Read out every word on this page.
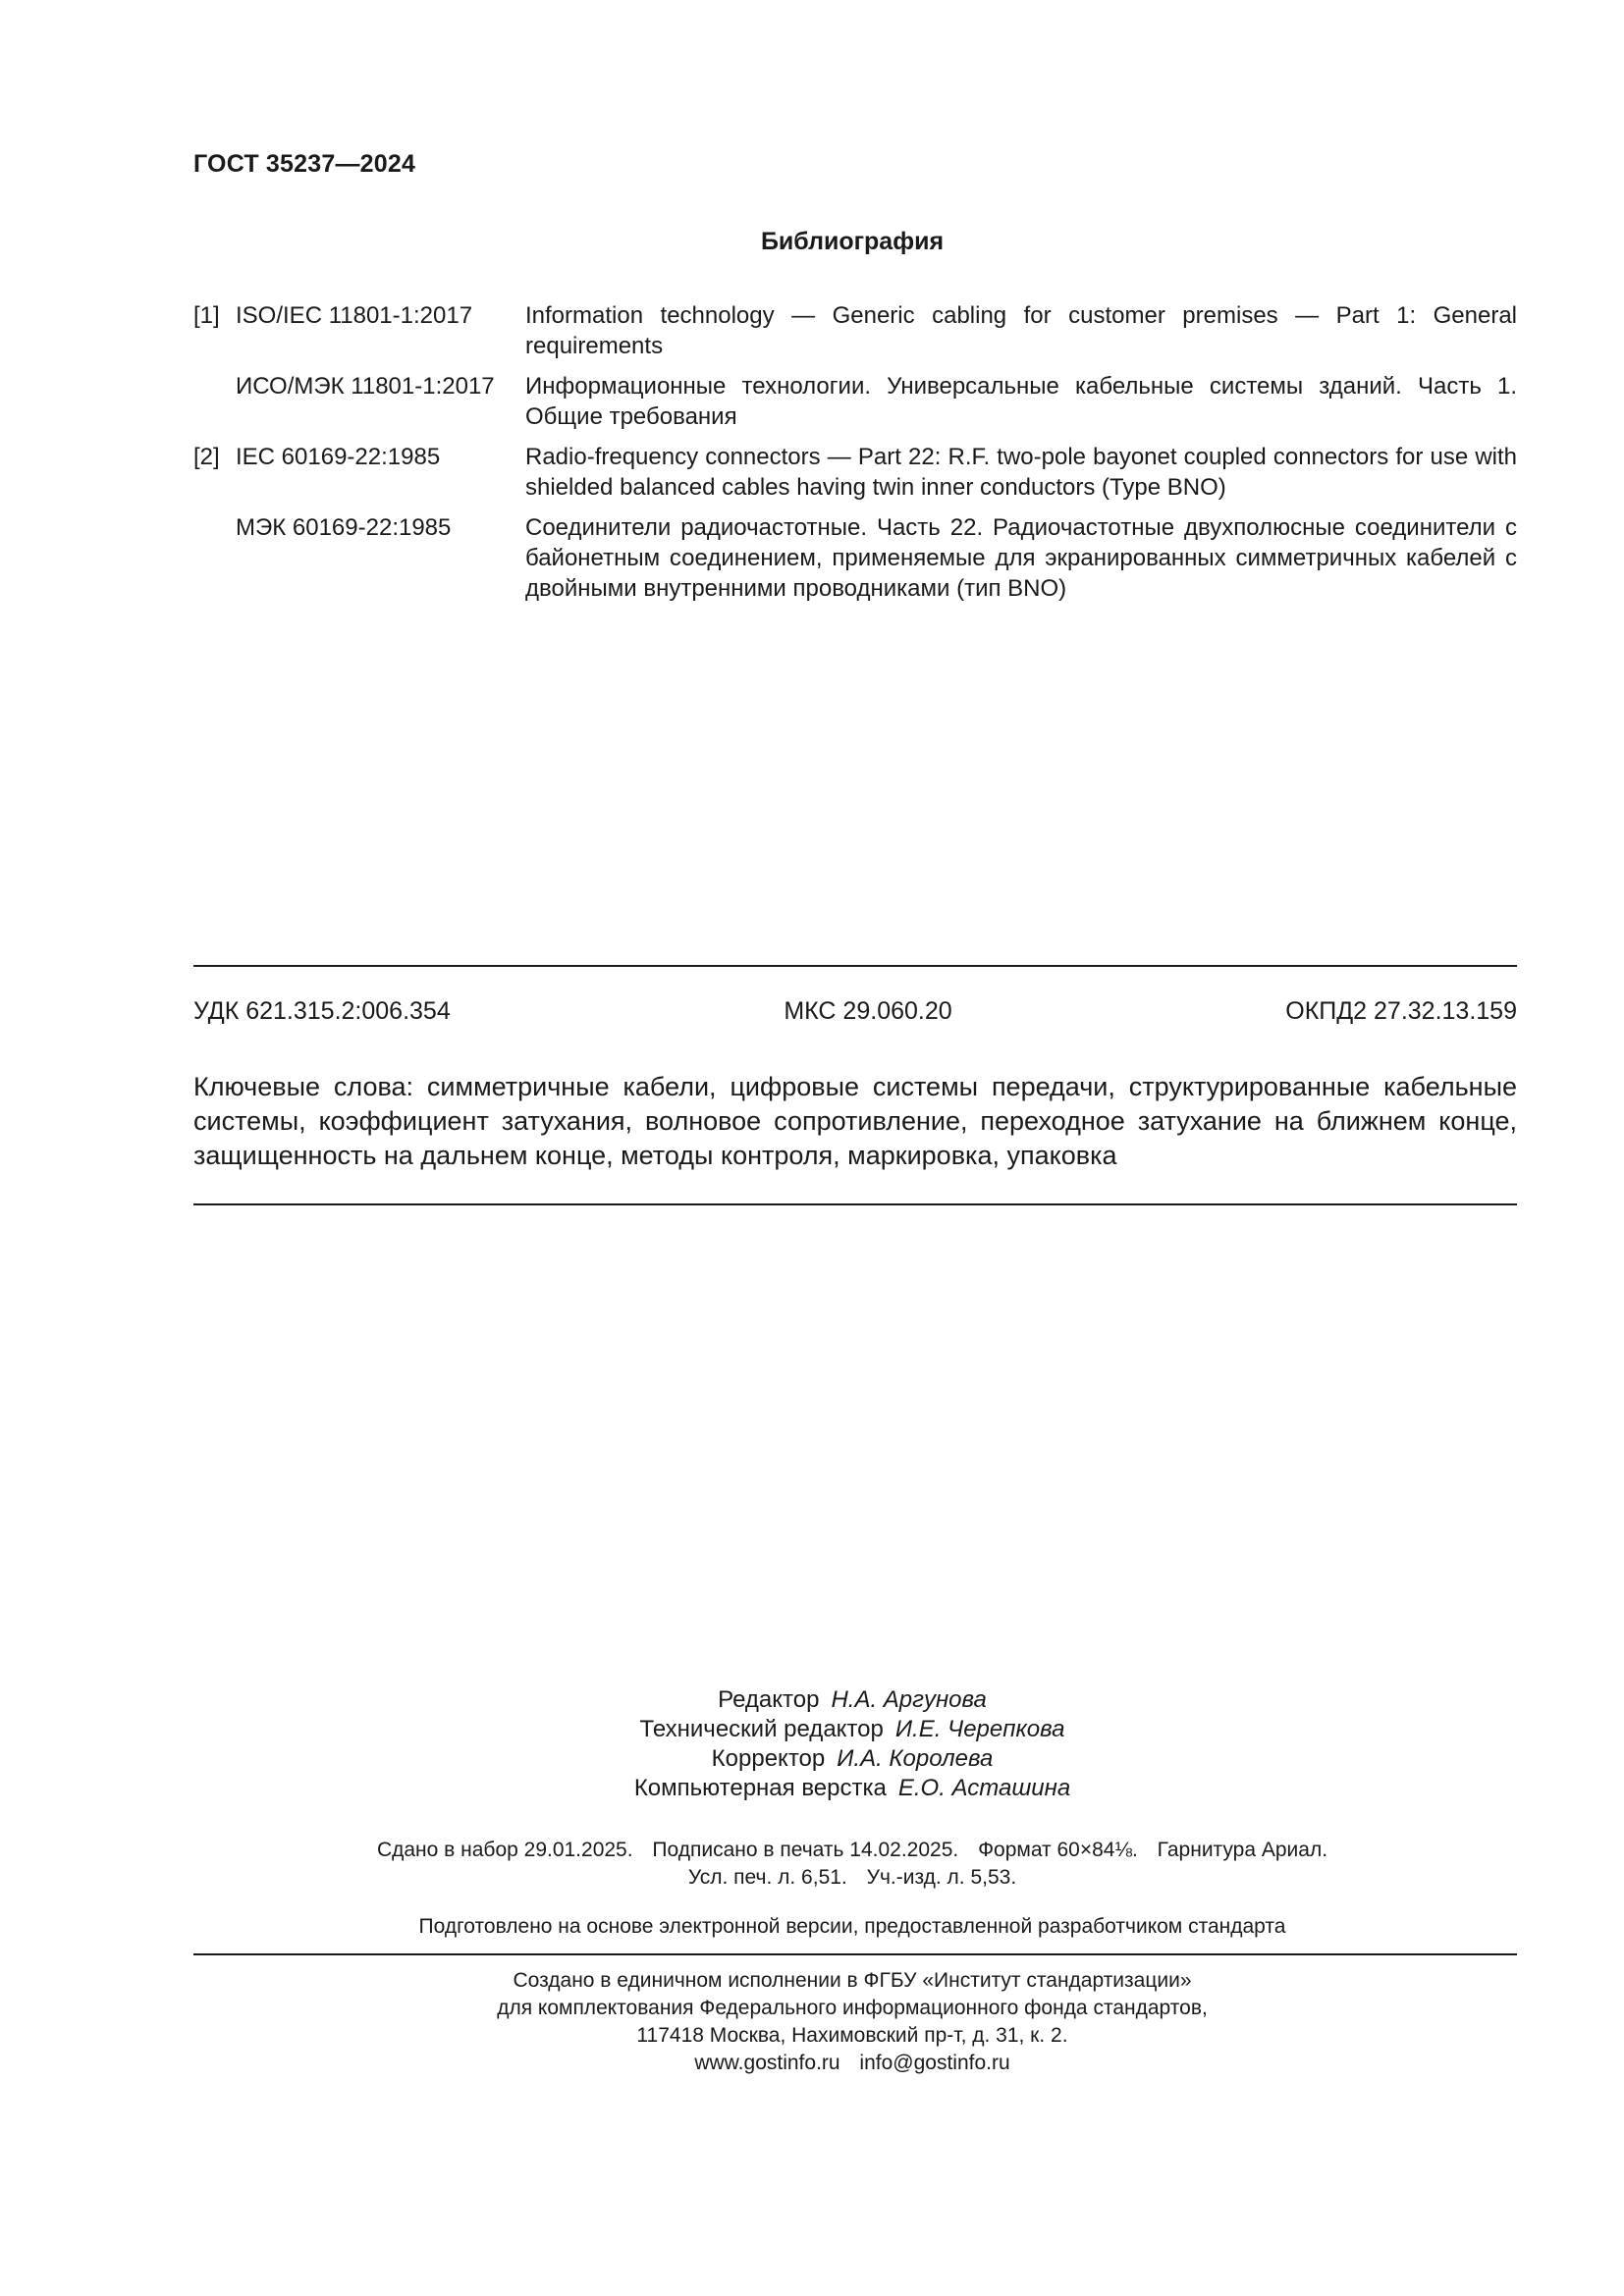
ГОСТ 35237—2024
Библиография
[1] ISO/IEC 11801-1:2017	Information technology — Generic cabling for customer premises — Part 1: General requirements
ИСО/МЭК 11801-1:2017	Информационные технологии. Универсальные кабельные системы зданий. Часть 1. Общие требования
[2] IEC 60169-22:1985	Radio-frequency connectors — Part 22: R.F. two-pole bayonet coupled connectors for use with shielded balanced cables having twin inner conductors (Type BNO)
МЭК 60169-22:1985	Соединители радиочастотные. Часть 22. Радиочастотные двухполюсные соединители с байонетным соединением, применяемые для экранированных симметричных кабелей с двойными внутренними проводниками (тип BNO)
УДК 621.315.2:006.354	МКС 29.060.20	ОКПД2 27.32.13.159
Ключевые слова: симметричные кабели, цифровые системы передачи, структурированные кабельные системы, коэффициент затухания, волновое сопротивление, переходное затухание на ближнем конце, защищенность на дальнем конце, методы контроля, маркировка, упаковка
Редактор Н.А. Аргунова
Технический редактор И.Е. Черепкова
Корректор И.А. Королева
Компьютерная верстка Е.О. Асташина
Сдано в набор 29.01.2025. Подписано в печать 14.02.2025. Формат 60×84⅛. Гарнитура Ариал.
Усл. печ. л. 6,51. Уч.-изд. л. 5,53.
Подготовлено на основе электронной версии, предоставленной разработчиком стандарта
Создано в единичном исполнении в ФГБУ «Институт стандартизации»
для комплектования Федерального информационного фонда стандартов,
117418 Москва, Нахимовский пр-т, д. 31, к. 2.
www.gostinfo.ru info@gostinfo.ru
